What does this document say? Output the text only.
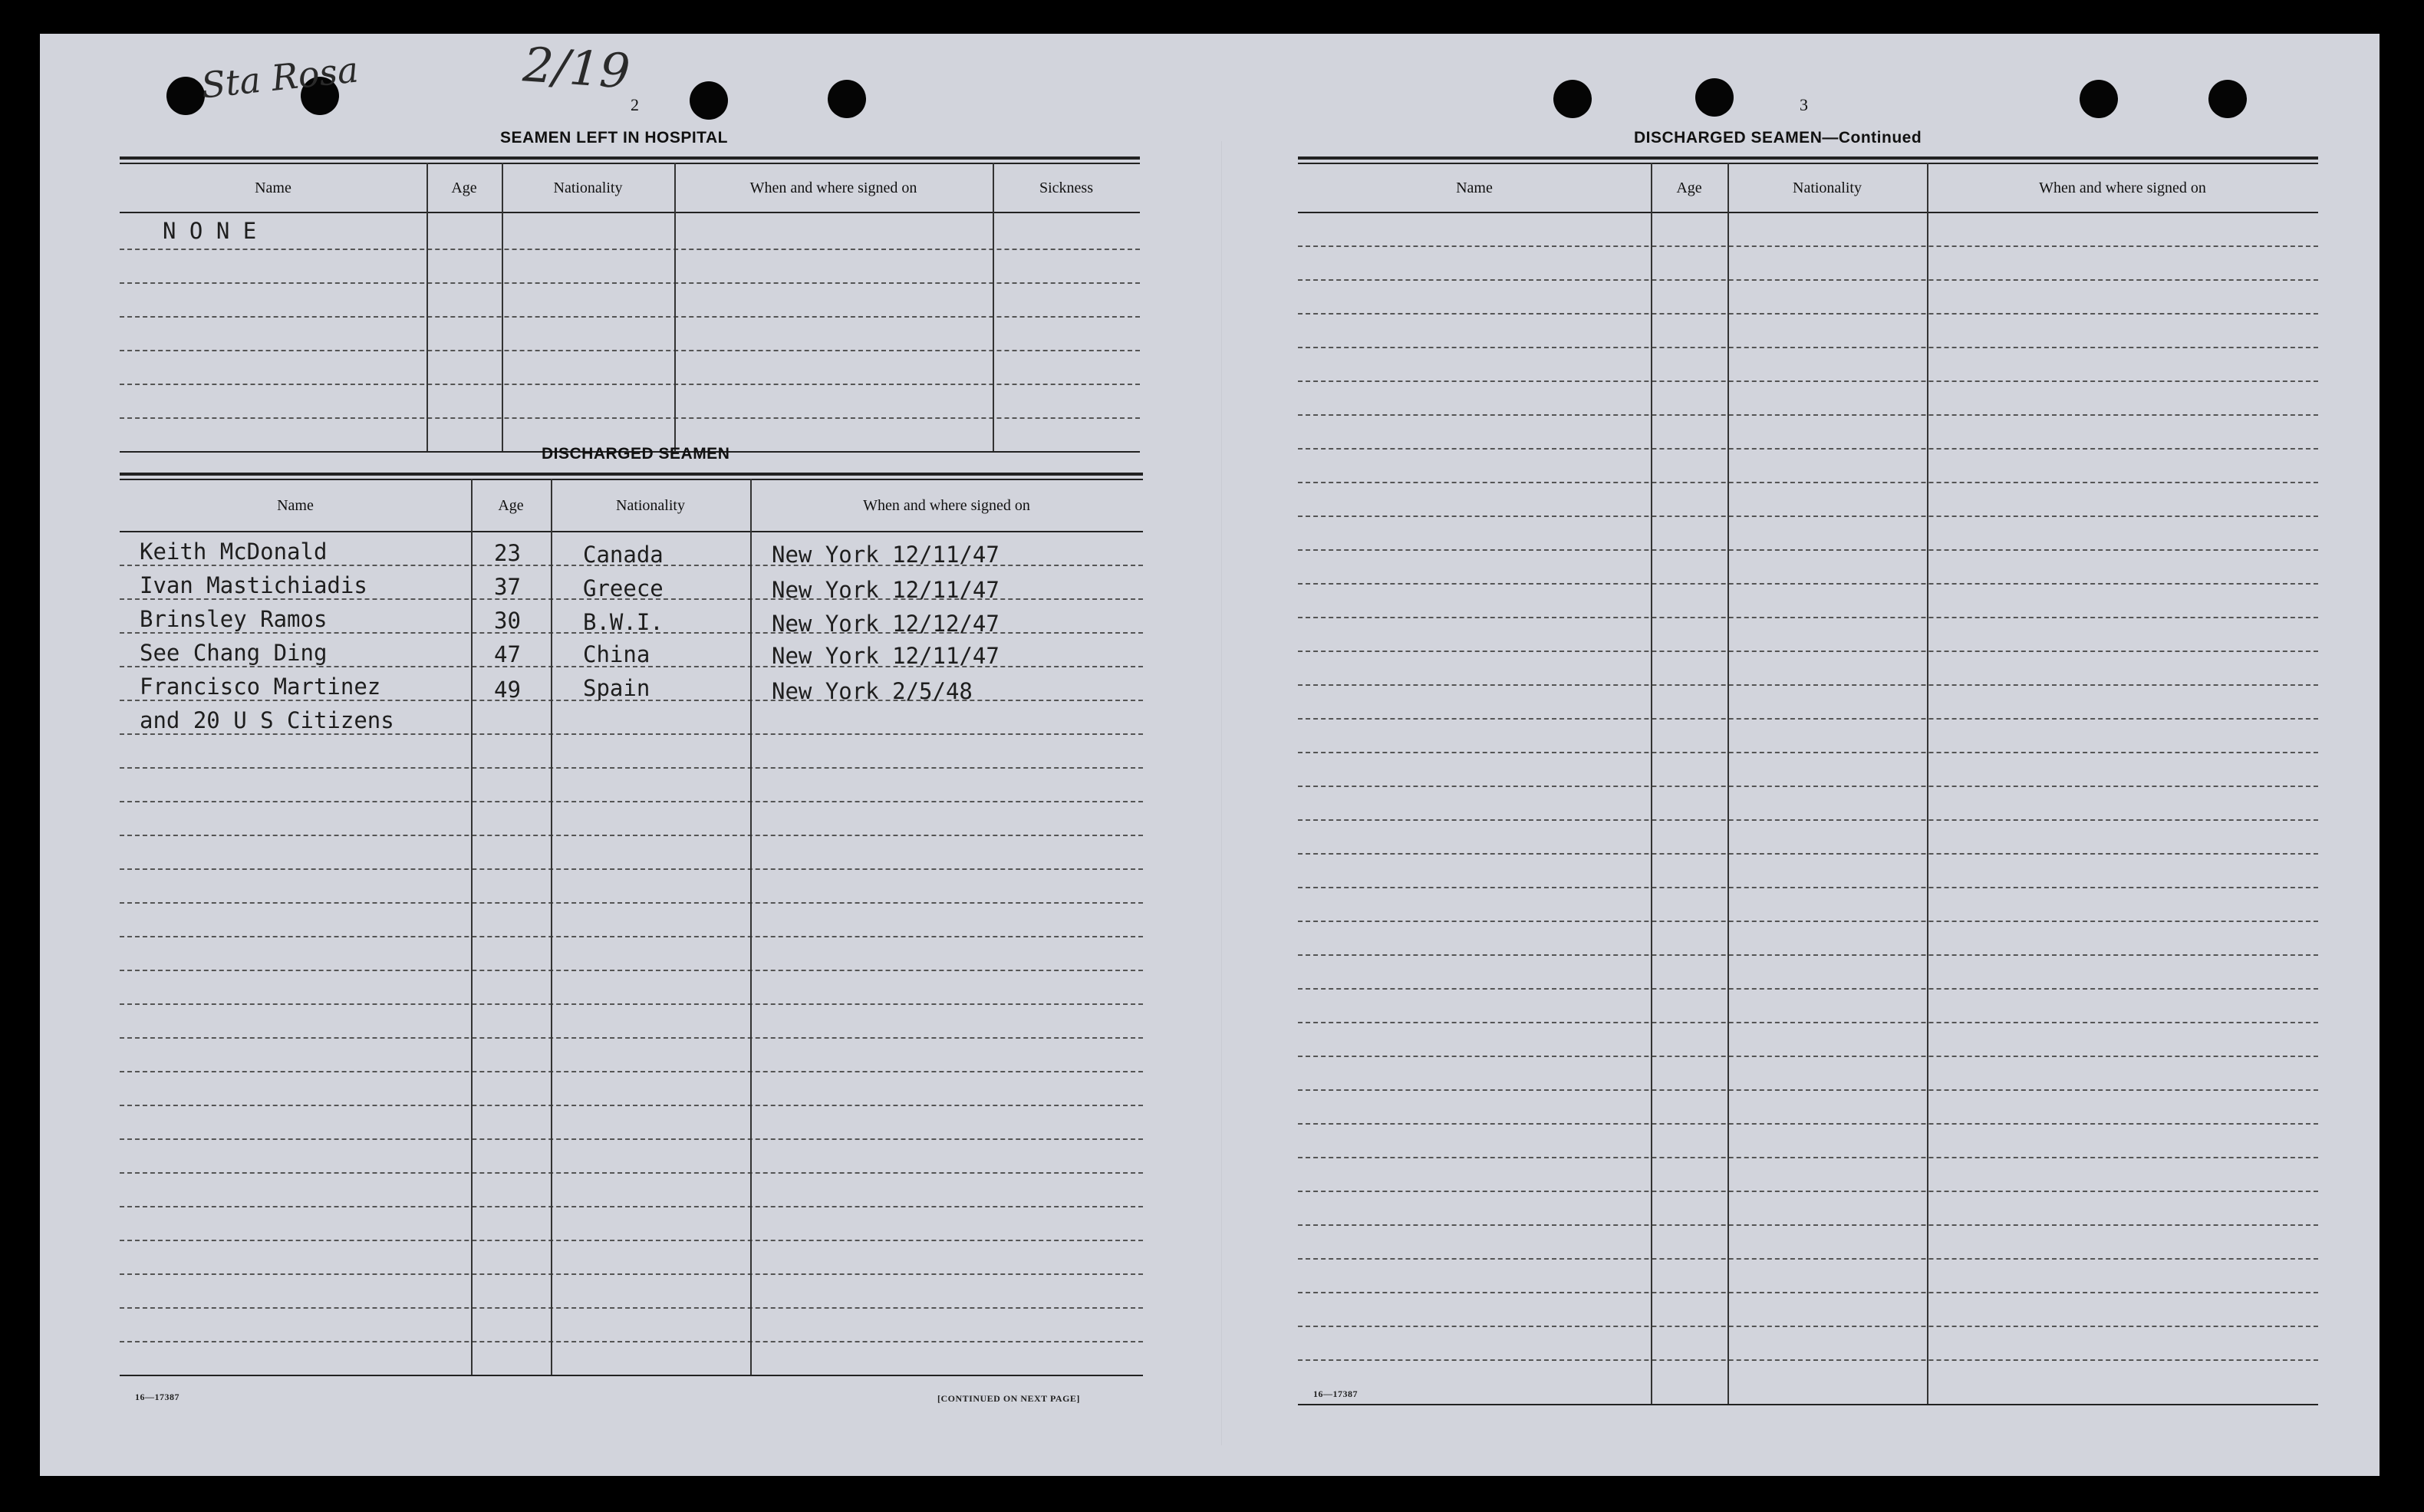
Sta Rosa	2/19
2
SEAMEN LEFT IN HOSPITAL
Name	Age	Nationality	When and where signed on	Sickness
N O N E
DISCHARGED SEAMEN
Name	Age	Nationality	When and where signed on
Keith McDonald	23	Canada	New York 12/11/47
Ivan Mastichiadis	37	Greece	New York 12/11/47
Brinsley Ramos	30	B.W.I.	New York 12/12/47
See Chang Ding	47	China	New York 12/11/47
Francisco Martinez	49	Spain	New York 2/5/48
and 20 U S Citizens
16—17387	[CONTINUED ON NEXT PAGE]
3
DISCHARGED SEAMEN—Continued
Name	Age	Nationality	When and where signed on
16—17387
